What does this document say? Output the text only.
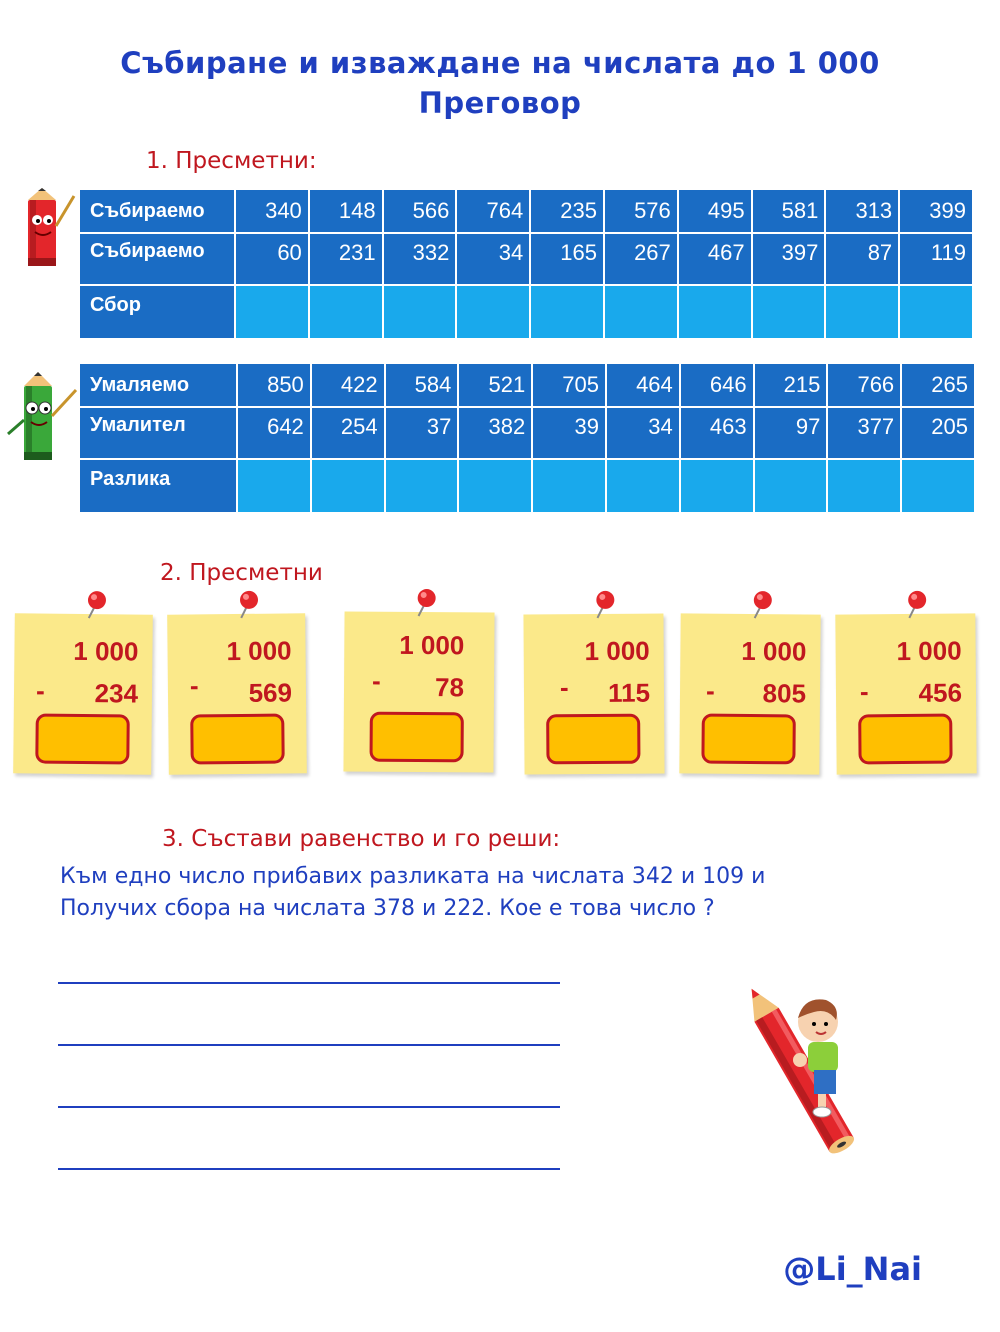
Събиране и изваждане на числата до 1 000
Преговор
1. Пресметни:
Събираемо	340	148	566	764	235	576	495	581	313	399
Събираемо	60	231	332	34	165	267	467	397	87	119
Сбор										
Умаляемо	850	422	584	521	705	464	646	215	766	265
Умалител	642	254	37	382	39	34	463	97	377	205
Разлика										
2. Пресметни
1 000
- 234
1 000
- 569
1 000
- 78
1 000
- 115
1 000
- 805
1 000
- 456
3. Състави равенство и го реши:
Към едно число прибавих разликата на числата 342 и 109 и
Получих сбора на числата 378 и 222. Кое е това число ?
@Li_Nai
